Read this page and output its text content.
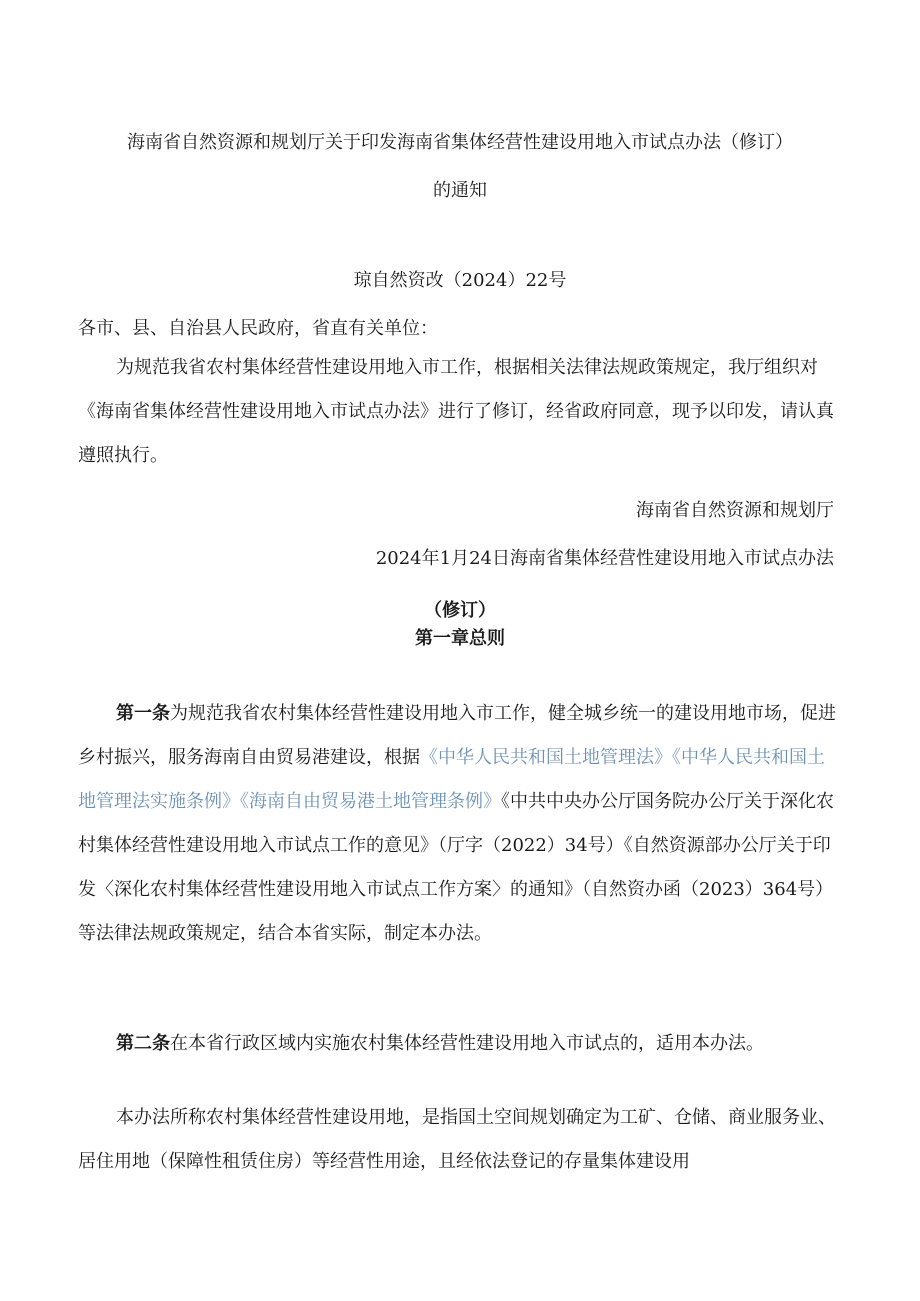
海南省自然资源和规划厅关于印发海南省集体经营性建设用地入市试点办法（修订）
的通知
琼自然资改（2024）22号
各市、县、自治县人民政府，省直有关单位：
为规范我省农村集体经营性建设用地入市工作，根据相关法律法规政策规定，我厅组织对《海南省集体经营性建设用地入市试点办法》进行了修订，经省政府同意，现予以印发，请认真遵照执行。
海南省自然资源和规划厅
2024年1月24日海南省集体经营性建设用地入市试点办法
（修订）
第一章总则
第一条为规范我省农村集体经营性建设用地入市工作，健全城乡统一的建设用地市场，促进乡村振兴，服务海南自由贸易港建设，根据《中华人民共和国土地管理法》《中华人民共和国土地管理法实施条例》《海南自由贸易港土地管理条例》《中共中央办公厅国务院办公厅关于深化农村集体经营性建设用地入市试点工作的意见》（厅字（2022）34号）《自然资源部办公厅关于印发〈深化农村集体经营性建设用地入市试点工作方案〉的通知》（自然资办函（2023）364号）等法律法规政策规定，结合本省实际，制定本办法。
第二条在本省行政区域内实施农村集体经营性建设用地入市试点的，适用本办法。
本办法所称农村集体经营性建设用地，是指国土空间规划确定为工矿、仓储、商业服务业、居住用地（保障性租赁住房）等经营性用途，且经依法登记的存量集体建设用
